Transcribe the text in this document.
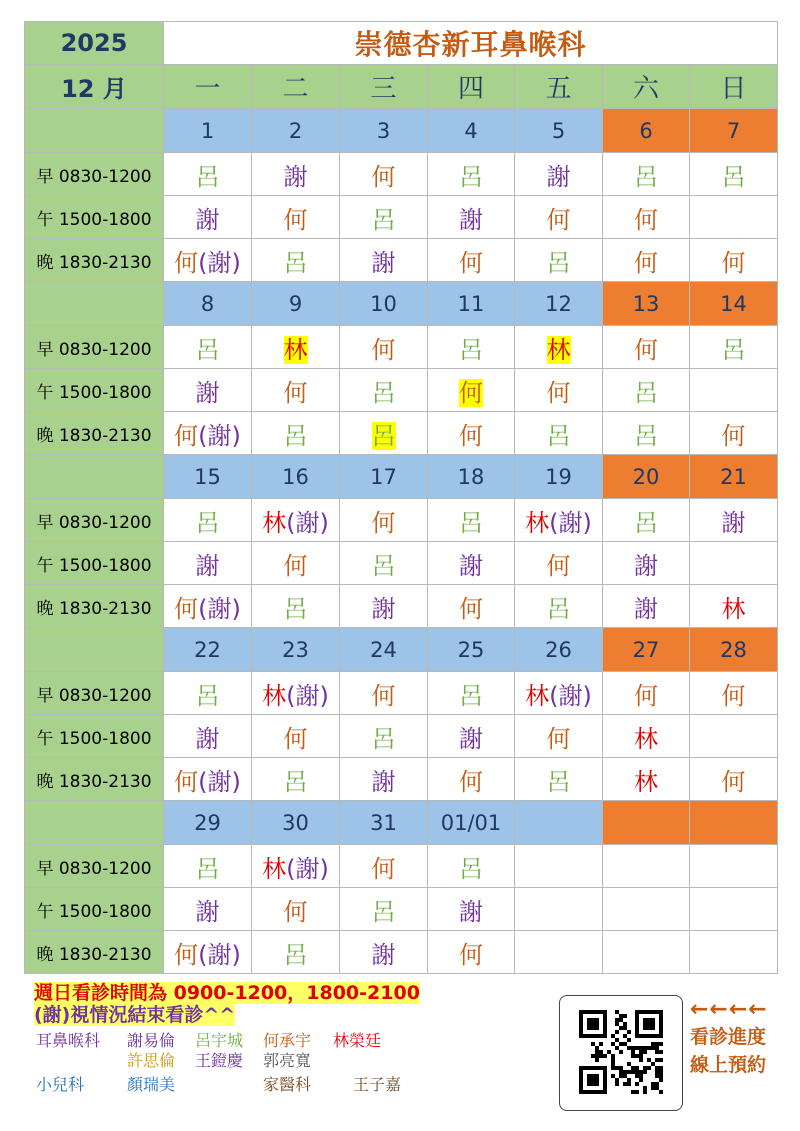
2025	崇德杏新耳鼻喉科						
12 月	一	二	三	四	五	六	日
	1	2	3	4	5	6	7
早 0830-1200	呂	謝	何	呂	謝	呂	呂
午 1500-1800	謝	何	呂	謝	何	何	
晚 1830-2130	何(謝)	呂	謝	何	呂	何	何
	8	9	10	11	12	13	14
早 0830-1200	呂	林	何	呂	林	何	呂
午 1500-1800	謝	何	呂	何	何	呂	
晚 1830-2130	何(謝)	呂	呂	何	呂	呂	何
	15	16	17	18	19	20	21
早 0830-1200	呂	林(謝)	何	呂	林(謝)	呂	謝
午 1500-1800	謝	何	呂	謝	何	謝	
晚 1830-2130	何(謝)	呂	謝	何	呂	謝	林
	22	23	24	25	26	27	28
早 0830-1200	呂	林(謝)	何	呂	林(謝)	何	何
午 1500-1800	謝	何	呂	謝	何	林	
晚 1830-2130	何(謝)	呂	謝	何	呂	林	何
	29	30	31	01/01			
早 0830-1200	呂	林(謝)	何	呂			
午 1500-1800	謝	何	呂	謝			
晚 1830-2130	何(謝)	呂	謝	何			
週日看診時間為 0900-1200，1800-2100
(謝)視情況結束看診^^
耳鼻喉科 謝易倫 呂宇城 何承宇 林榮廷
許思倫 王鐙慶 郭亮寬
小兒科	顏瑞美	家醫科	王子嘉
←←←←
看診進度
線上預約
